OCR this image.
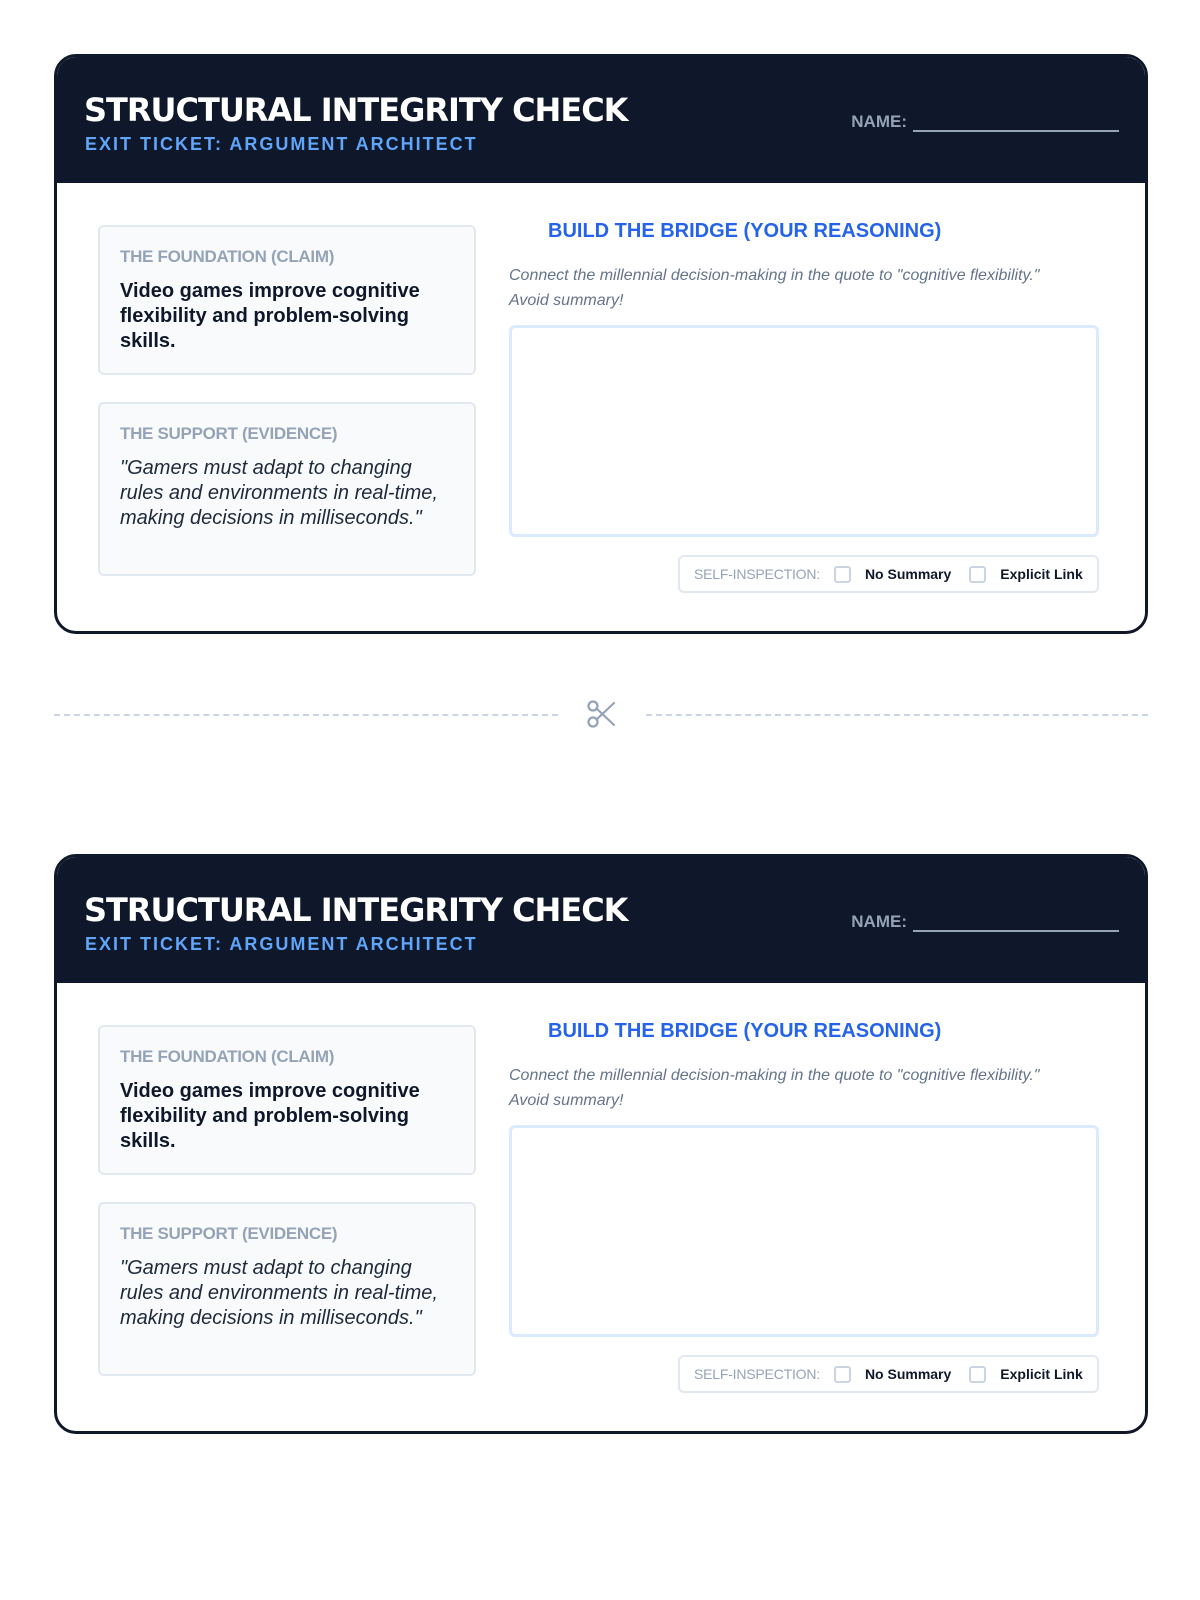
STRUCTURAL INTEGRITY CHECK
EXIT TICKET: ARGUMENT ARCHITECT
NAME:
THE FOUNDATION (CLAIM)
Video games improve cognitive flexibility and problem-solving skills.
THE SUPPORT (EVIDENCE)
"Gamers must adapt to changing rules and environments in real-time, making decisions in milliseconds."
BUILD THE BRIDGE (YOUR REASONING)
Connect the millennial decision-making in the quote to "cognitive flexibility." Avoid summary!
SELF-INSPECTION:	No Summary	Explicit Link
STRUCTURAL INTEGRITY CHECK
EXIT TICKET: ARGUMENT ARCHITECT
NAME:
THE FOUNDATION (CLAIM)
Video games improve cognitive flexibility and problem-solving skills.
THE SUPPORT (EVIDENCE)
"Gamers must adapt to changing rules and environments in real-time, making decisions in milliseconds."
BUILD THE BRIDGE (YOUR REASONING)
Connect the millennial decision-making in the quote to "cognitive flexibility." Avoid summary!
SELF-INSPECTION:	No Summary	Explicit Link
